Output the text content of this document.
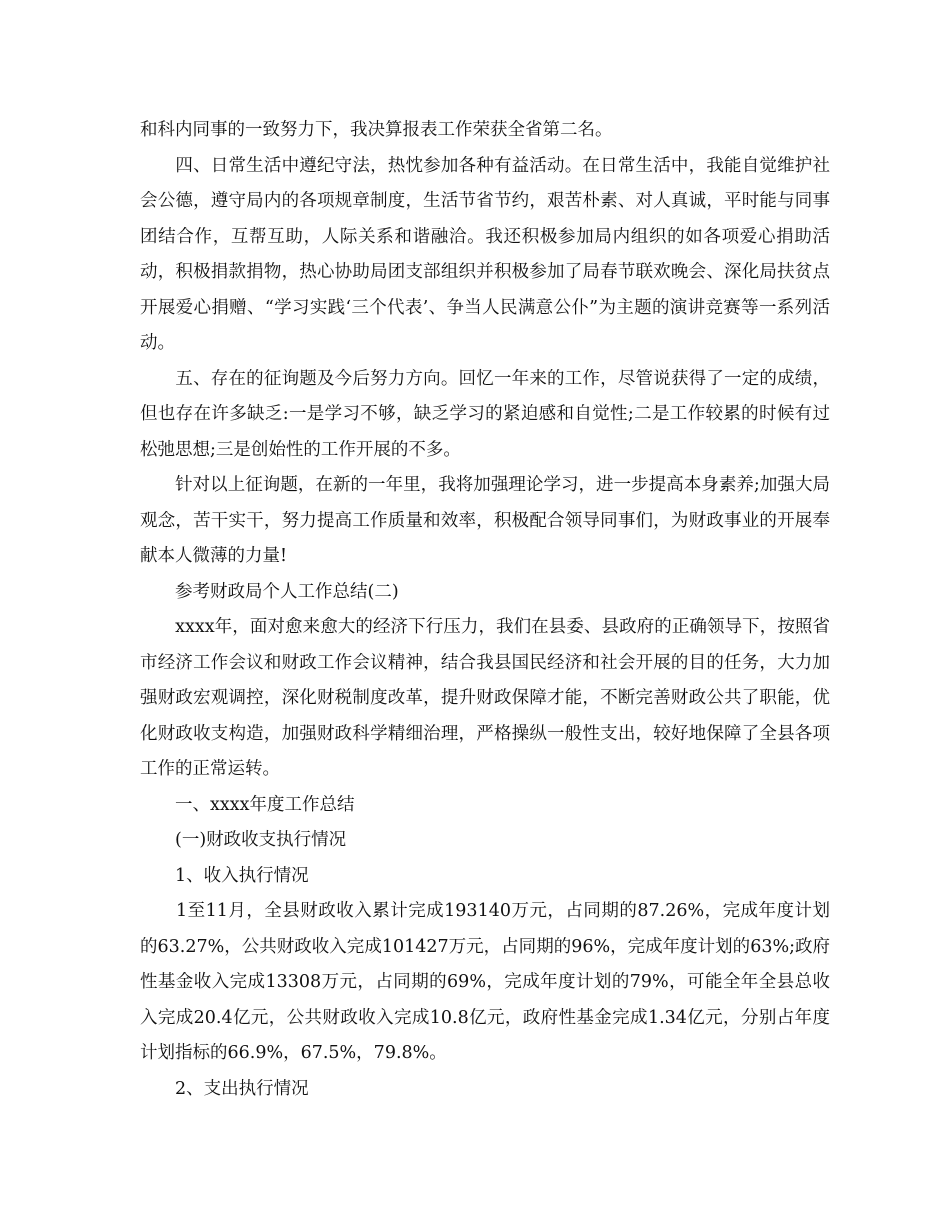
和科内同事的一致努力下，我决算报表工作荣获全省第二名。

　　四、日常生活中遵纪守法，热忱参加各种有益活动。在日常生活中，我能自觉维护社会公德，遵守局内的各项规章制度，生活节省节约，艰苦朴素、对人真诚，平时能与同事团结合作，互帮互助，人际关系和谐融洽。我还积极参加局内组织的如各项爱心捐助活动，积极捐款捐物，热心协助局团支部组织并积极参加了局春节联欢晚会、深化局扶贫点开展爱心捐赠、“学习实践‘三个代表’、争当人民满意公仆”为主题的演讲竞赛等一系列活动。

　　五、存在的征询题及今后努力方向。回忆一年来的工作，尽管说获得了一定的成绩，但也存在许多缺乏:一是学习不够，缺乏学习的紧迫感和自觉性;二是工作较累的时候有过松弛思想;三是创始性的工作开展的不多。

　　针对以上征询题，在新的一年里，我将加强理论学习，进一步提高本身素养;加强大局观念，苦干实干，努力提高工作质量和效率，积极配合领导同事们，为财政事业的开展奉献本人微薄的力量!

　　参考财政局个人工作总结(二)

　　xxxx年，面对愈来愈大的经济下行压力，我们在县委、县政府的正确领导下，按照省市经济工作会议和财政工作会议精神，结合我县国民经济和社会开展的目的任务，大力加强财政宏观调控，深化财税制度改革，提升财政保障才能，不断完善财政公共了职能，优化财政收支构造，加强财政科学精细治理，严格操纵一般性支出，较好地保障了全县各项工作的正常运转。

　　一、xxxx年度工作总结

　　(一)财政收支执行情况

　　1、收入执行情况

　　1至11月，全县财政收入累计完成193140万元，占同期的87.26%，完成年度计划的63.27%，公共财政收入完成101427万元，占同期的96%，完成年度计划的63%;政府性基金收入完成13308万元，占同期的69%，完成年度计划的79%，可能全年全县总收入完成20.4亿元，公共财政收入完成10.8亿元，政府性基金完成1.34亿元，分别占年度计划指标的66.9%，67.5%，79.8%。

　　2、支出执行情况
